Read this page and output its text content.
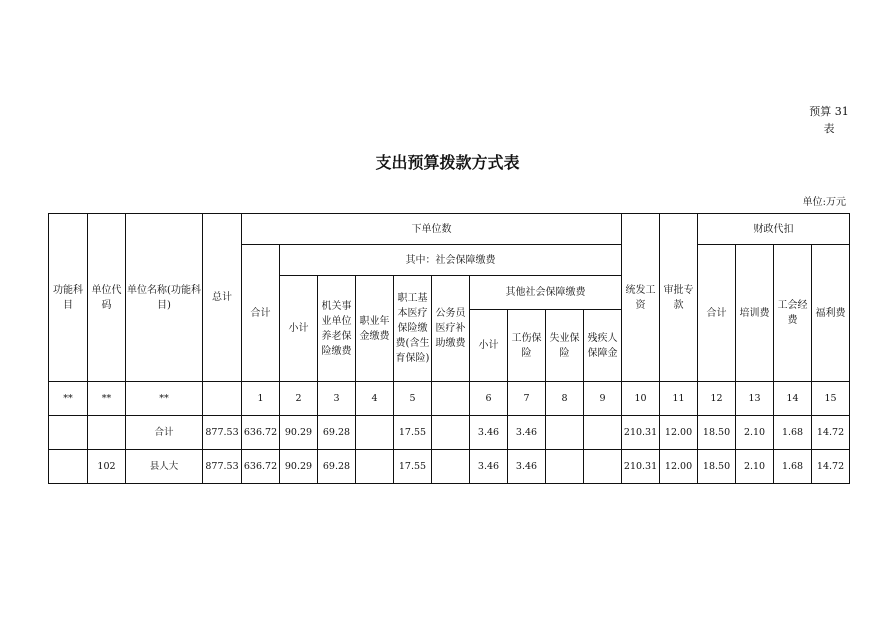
预算 31
表
支出预算拨款方式表
单位:万元
功能科目	单位代码	单位名称(功能科目)	总计	下单位数										统发工资	审批专款	财政代扣			
				合计	其中：社会保障缴费											合计	培训费	工会经费	福利费
					小计	机关事业单位养老保险缴费	职业年金缴费	职工基本医疗保险缴费(含生育保险)	公务员医疗补助缴费	其他社会保障缴费									
										小计	工伤保险	失业保险	残疾人保障金						
**	**	**		1	2	3	4	5		6	7	8	9	10	11	12	13	14	15
		合计	877.53	636.72	90.29	69.28		17.55		3.46	3.46			210.31	12.00	18.50	2.10	1.68	14.72
	102	县人大	877.53	636.72	90.29	69.28		17.55		3.46	3.46			210.31	12.00	18.50	2.10	1.68	14.72
